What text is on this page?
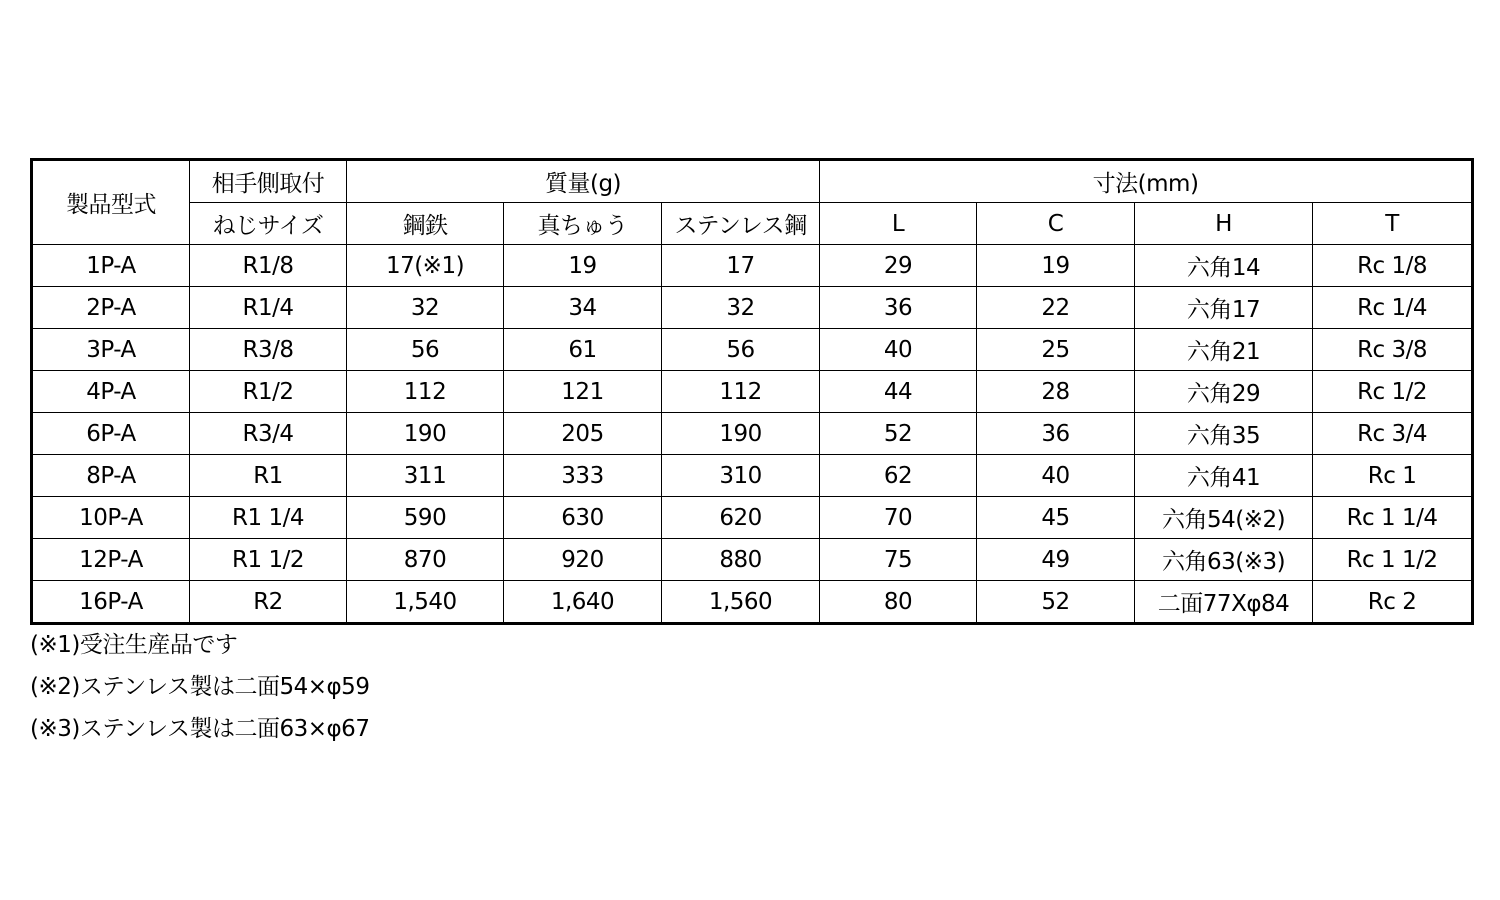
製品型式	相手側取付	質量(g)			寸法(mm)			
	ねじサイズ	鋼鉄	真ちゅう	ステンレス鋼	L	C	H	T
1P-A	R1/8	17(※1)	19	17	29	19	六角14	Rc 1/8
2P-A	R1/4	32	34	32	36	22	六角17	Rc 1/4
3P-A	R3/8	56	61	56	40	25	六角21	Rc 3/8
4P-A	R1/2	112	121	112	44	28	六角29	Rc 1/2
6P-A	R3/4	190	205	190	52	36	六角35	Rc 3/4
8P-A	R1	311	333	310	62	40	六角41	Rc 1
10P-A	R1 1/4	590	630	620	70	45	六角54(※2)	Rc 1 1/4
12P-A	R1 1/2	870	920	880	75	49	六角63(※3)	Rc 1 1/2
16P-A	R2	1,540	1,640	1,560	80	52	二面77Xφ84	Rc 2
(※1)受注生産品です
(※2)ステンレス製は二面54×φ59
(※3)ステンレス製は二面63×φ67
